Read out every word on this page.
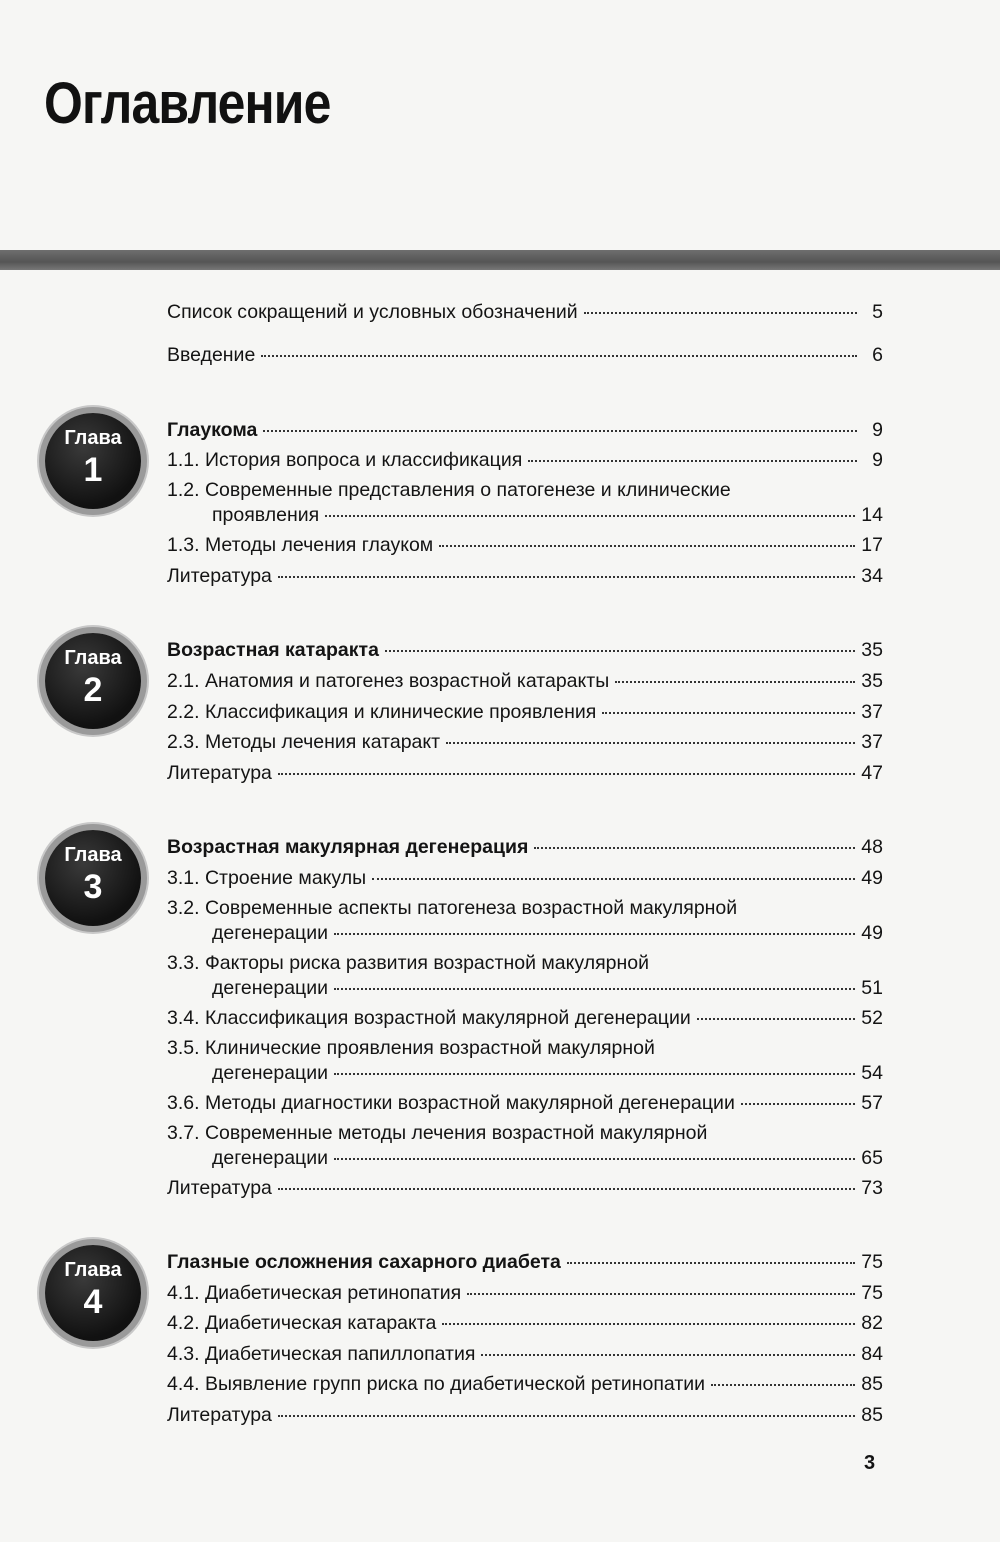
Оглавление
Список сокращений и условных обозначений	5
Введение	6
Глава
1
Глаукома	9
1.1. История вопроса и классификация	9
1.2. Современные представления о патогенезе и клинические
проявления	14
1.3. Методы лечения глауком	17
Литература	34
Глава
2
Возрастная катаракта	35
2.1. Анатомия и патогенез возрастной катаракты	35
2.2. Классификация и клинические проявления	37
2.3. Методы лечения катаракт	37
Литература	47
Глава
3
Возрастная макулярная дегенерация	48
3.1. Строение макулы	49
3.2. Современные аспекты патогенеза возрастной макулярной
дегенерации	49
3.3. Факторы риска развития возрастной макулярной
дегенерации	51
3.4. Классификация возрастной макулярной дегенерации	52
3.5. Клинические проявления возрастной макулярной
дегенерации	54
3.6. Методы диагностики возрастной макулярной дегенерации	57
3.7. Современные методы лечения возрастной макулярной
дегенерации	65
Литература	73
Глава
4
Глазные осложнения сахарного диабета	75
4.1. Диабетическая ретинопатия	75
4.2. Диабетическая катаракта	82
4.3. Диабетическая папиллопатия	84
4.4. Выявление групп риска по диабетической ретинопатии	85
Литература	85
3
